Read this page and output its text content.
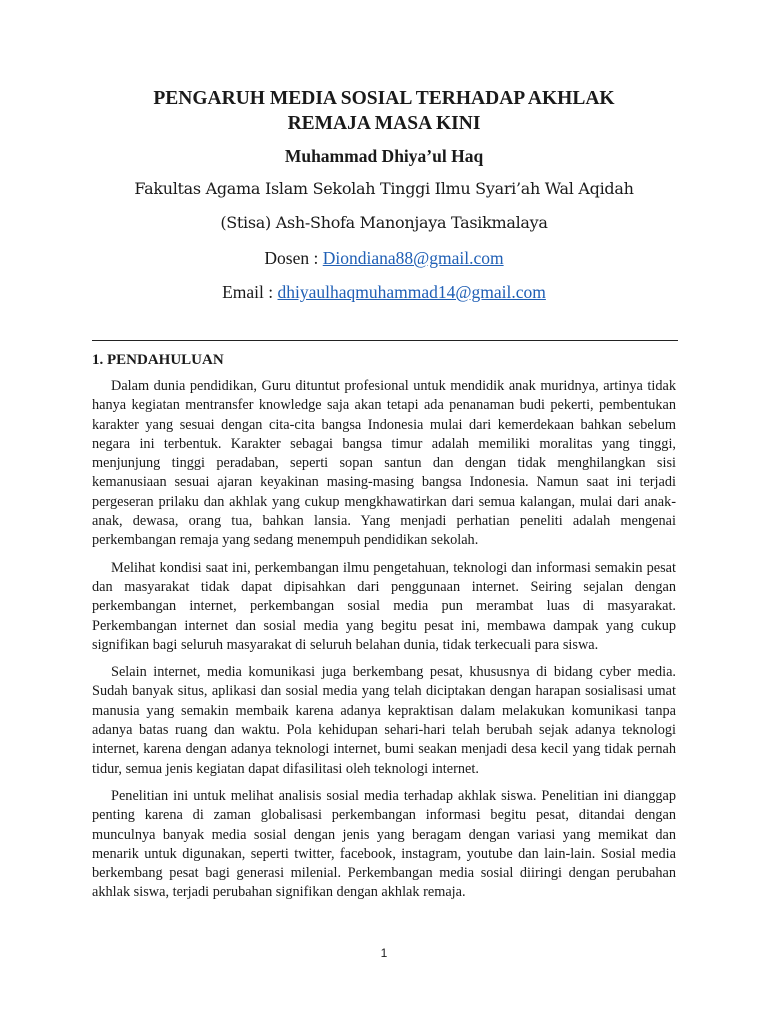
PENGARUH MEDIA SOSIAL TERHADAP AKHLAK
REMAJA MASA KINI
Muhammad Dhiya’ul Haq
Fakultas Agama Islam Sekolah Tinggi Ilmu Syari’ah Wal Aqidah
(Stisa) Ash-Shofa Manonjaya Tasikmalaya
Dosen : Diondiana88@gmail.com
Email : dhiyaulhaqmuhammad14@gmail.com
1. PENDAHULUAN

Dalam dunia pendidikan, Guru dituntut profesional untuk mendidik anak muridnya, artinya tidak hanya kegiatan mentransfer knowledge saja akan tetapi ada penanaman budi pekerti, pembentukan karakter yang sesuai dengan cita-cita bangsa Indonesia mulai dari kemerdekaan bahkan sebelum negara ini terbentuk. Karakter sebagai bangsa timur adalah memiliki moralitas yang tinggi, menjunjung tinggi peradaban, seperti sopan santun dan dengan tidak menghilangkan sisi kemanusiaan sesuai ajaran keyakinan masing-masing bangsa Indonesia. Namun saat ini terjadi pergeseran prilaku dan akhlak yang cukup mengkhawatirkan dari semua kalangan, mulai dari anak-anak, dewasa, orang tua, bahkan lansia. Yang menjadi perhatian peneliti adalah mengenai perkembangan remaja yang sedang menempuh pendidikan sekolah.

Melihat kondisi saat ini, perkembangan ilmu pengetahuan, teknologi dan informasi semakin pesat dan masyarakat tidak dapat dipisahkan dari penggunaan internet. Seiring sejalan dengan perkembangan internet, perkembangan sosial media pun merambat luas di masyarakat. Perkembangan internet dan sosial media yang begitu pesat ini, membawa dampak yang cukup signifikan bagi seluruh masyarakat di seluruh belahan dunia, tidak terkecuali para siswa.

Selain internet, media komunikasi juga berkembang pesat, khususnya di bidang cyber media. Sudah banyak situs, aplikasi dan sosial media yang telah diciptakan dengan harapan sosialisasi umat manusia yang semakin membaik karena adanya kepraktisan dalam melakukan komunikasi tanpa adanya batas ruang dan waktu. Pola kehidupan sehari-hari telah berubah sejak adanya teknologi internet, karena dengan adanya teknologi internet, bumi seakan menjadi desa kecil yang tidak pernah tidur, semua jenis kegiatan dapat difasilitasi oleh teknologi internet.

Penelitian ini untuk melihat analisis sosial media terhadap akhlak siswa. Penelitian ini dianggap penting karena di zaman globalisasi perkembangan informasi begitu pesat, ditandai dengan munculnya banyak media sosial dengan jenis yang beragam dengan variasi yang memikat dan menarik untuk digunakan, seperti twitter, facebook, instagram, youtube dan lain-lain. Sosial media berkembang pesat bagi generasi milenial. Perkembangan media sosial diiringi dengan perubahan akhlak siswa, terjadi perubahan signifikan dengan akhlak remaja.

1
